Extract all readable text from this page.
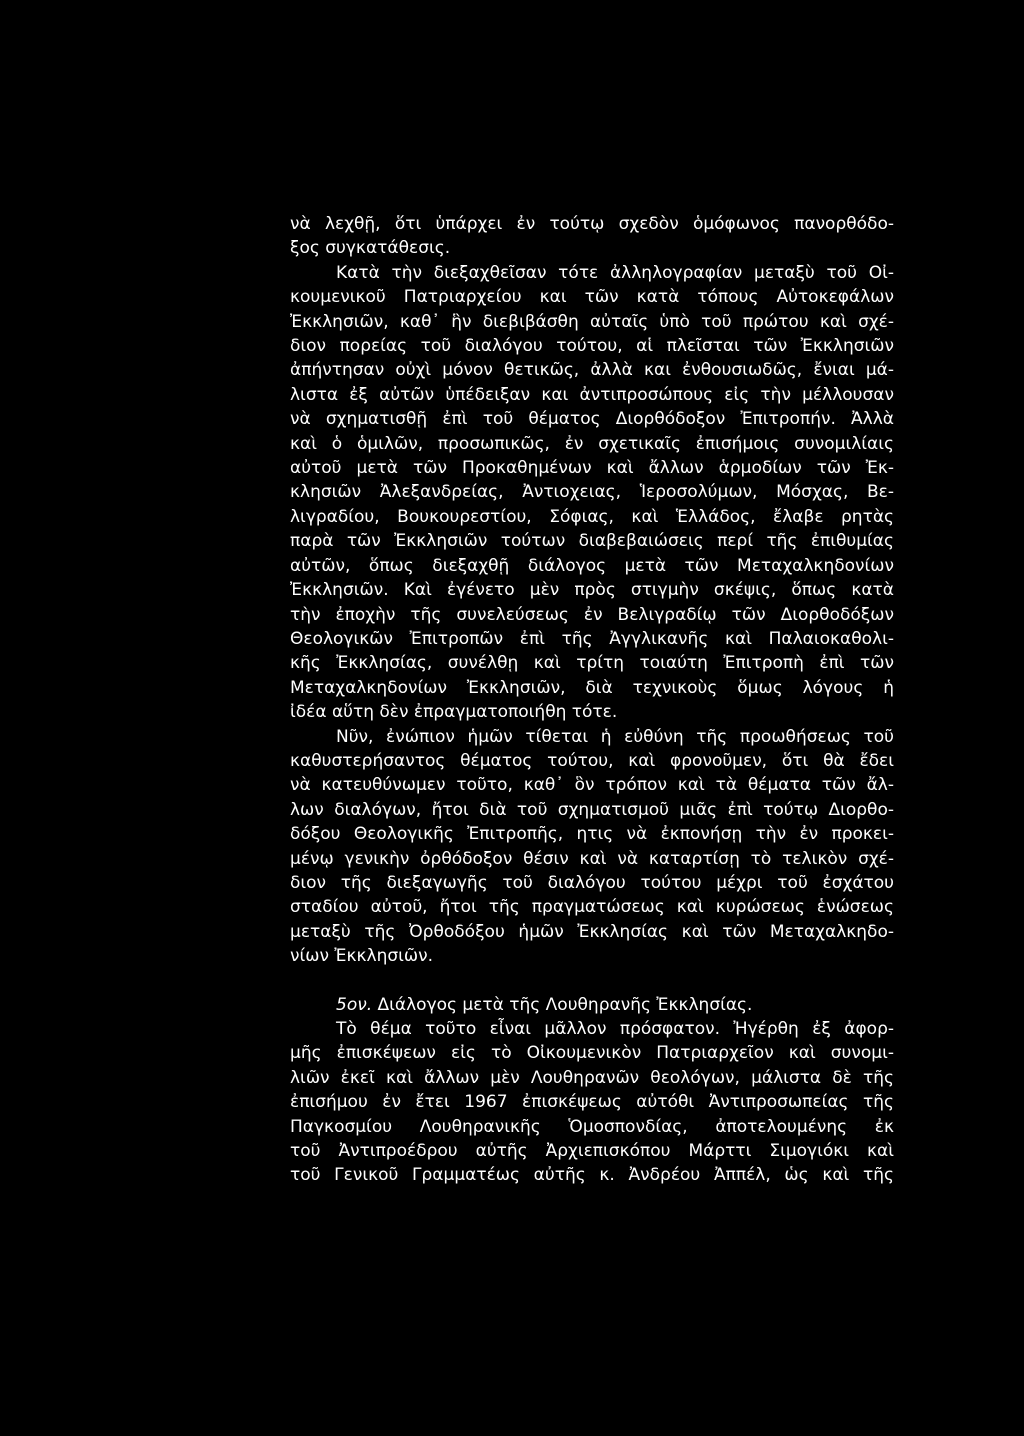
νὰ λεχθῇ, ὅτι ὑπάρχει ἐν τούτῳ σχεδὸν ὁμόφωνος πανορθόδο-
ξος συγκατάθεσις.
Κατὰ τὴν διεξαχθεῖσαν τότε ἀλληλογραφίαν μεταξὺ τοῦ Οἰ-
κουμενικοῦ Πατριαρχείου και τῶν κατὰ τόπους Αὐτοκεφάλων
Ἐκκλησιῶν, καθ᾽ ἣν διεβιβάσθη αὐταῖς ὑπὸ τοῦ πρώτου καὶ σχέ-
διον πορείας τοῦ διαλόγου τούτου, αἱ πλεῖσται τῶν Ἐκκλησιῶν
ἀπήντησαν οὐχὶ μόνον θετικῶς, ἀλλὰ και ἐνθουσιωδῶς, ἔνιαι μά-
λιστα ἐξ αὐτῶν ὑπέδειξαν και ἀντιπροσώπους εἰς τὴν μέλλουσαν
νὰ σχηματισθῇ ἐπὶ τοῦ θέματος Διορθόδοξον Ἐπιτροπήν. Ἀλλὰ
καὶ ὁ ὁμιλῶν, προσωπικῶς, ἐν σχετικαῖς ἐπισήμοις συνομιλίαις
αὐτοῦ μετὰ τῶν Προκαθημένων καὶ ἄλλων ἁρμοδίων τῶν Ἐκ-
κλησιῶν Ἀλεξανδρείας, Ἀντιοχειας, Ἱεροσολύμων, Μόσχας, Βε-
λιγραδίου, Βουκουρεστίου, Σόφιας, καὶ Ἑλλάδος, ἔλαβε ρητὰς
παρὰ τῶν Ἐκκλησιῶν τούτων διαβεβαιώσεις περί τῆς ἐπιθυμίας
αὐτῶν, ὅπως διεξαχθῇ διάλογος μετὰ τῶν Μεταχαλκηδονίων
Ἐκκλησιῶν. Καὶ ἐγένετο μὲν πρὸς στιγμὴν σκέψις, ὅπως κατὰ
τὴν ἐποχὴν τῆς συνελεύσεως ἐν Βελιγραδίῳ τῶν Διορθοδόξων
Θεολογικῶν Ἐπιτροπῶν ἐπὶ τῆς Ἀγγλικανῆς καὶ Παλαιοκαθολι-
κῆς Ἐκκλησίας, συνέλθῃ καὶ τρίτη τοιαύτη Ἐπιτροπὴ ἐπὶ τῶν
Μεταχαλκηδονίων Ἐκκλησιῶν, διὰ τεχνικοὺς ὅμως λόγους ἡ
ἰδέα αὕτη δὲν ἐπραγματοποιήθη τότε.
Νῦν, ἐνώπιον ἡμῶν τίθεται ἡ εὐθύνη τῆς προωθήσεως τοῦ
καθυστερήσαντος θέματος τούτου, καὶ φρονοῦμεν, ὅτι θὰ ἔδει
νὰ κατευθύνωμεν τοῦτο, καθ᾽ ὃν τρόπον καὶ τὰ θέματα τῶν ἄλ-
λων διαλόγων, ἤτοι διὰ τοῦ σχηματισμοῦ μιᾶς ἐπὶ τούτῳ Διορθο-
δόξου Θεολογικῆς Ἐπιτροπῆς, ητις νὰ ἐκπονήσῃ τὴν ἐν προκει-
μένῳ γενικὴν ὀρθόδοξον θέσιν καὶ νὰ καταρτίσῃ τὸ τελικὸν σχέ-
διον τῆς διεξαγωγῆς τοῦ διαλόγου τούτου μέχρι τοῦ ἐσχάτου
σταδίου αὐτοῦ, ἤτοι τῆς πραγματώσεως καὶ κυρώσεως ἑνώσεως
μεταξὺ τῆς Ὀρθοδόξου ἡμῶν Ἐκκλησίας καὶ τῶν Μεταχαλκηδο-
νίων Ἐκκλησιῶν.
5ον. Διάλογος μετὰ τῆς Λουθηρανῆς Ἐκκλησίας.
Τὸ θέμα τοῦτο εἶναι μᾶλλον πρόσφατον. Ἠγέρθη ἐξ ἀφορ-
μῆς ἐπισκέψεων εἰς τὸ Οἰκουμενικὸν Πατριαρχεῖον καὶ συνομι-
λιῶν ἐκεῖ καὶ ἄλλων μὲν Λουθηρανῶν θεολόγων, μάλιστα δὲ τῆς
ἐπισήμου ἐν ἔτει 1967 ἐπισκέψεως αὐτόθι Ἀντιπροσωπείας τῆς
Παγκοσμίου Λουθηρανικῆς Ὁμοσπονδίας, ἀποτελουμένης ἐκ
τοῦ Ἀντιπροέδρου αὐτῆς Ἀρχιεπισκόπου Μάρττι Σιμογιόκι καὶ
τοῦ Γενικοῦ Γραμματέως αὐτῆς κ. Ἀνδρέου Ἀππέλ, ὡς καὶ τῆς
